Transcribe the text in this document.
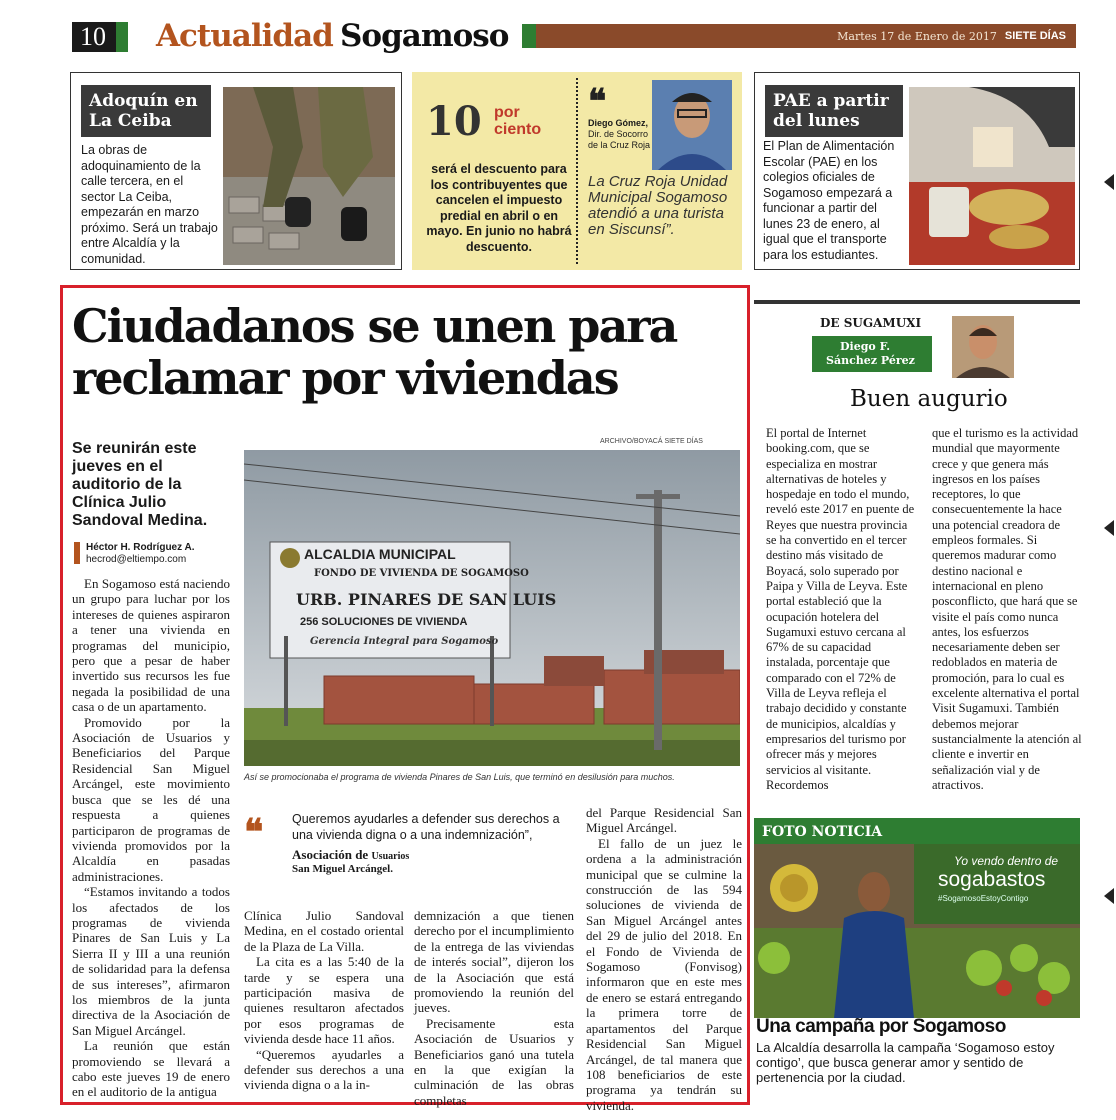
10	Actualidad Sogamoso	Martes 17 de Enero de 2017 SIETE DÍAS
Adoquín en La Ceiba
La obras de adoquinamiento de la calle tercera, en el sector La Ceiba, empezarán en marzo próximo. Será un trabajo entre Alcaldía y la comunidad.
10 por ciento
será el descuento para los contribuyentes que cancelen el impuesto predial en abril o en mayo. En junio no habrá descuento.
❝
Diego Gómez, Dir. de Socorro de la Cruz Roja
La Cruz Roja Unidad Municipal Sogamoso atendió a una turista en Siscunsí”.
PAE a partir del lunes
El Plan de Alimentación Escolar (PAE) en los colegios oficiales de Sogamoso empezará a funcionar a partir del lunes 23 de enero, al igual que el transporte para los estudiantes.
Ciudadanos se unen para reclamar por viviendas
Se reunirán este jueves en el auditorio de la Clínica Julio Sandoval Medina.
Héctor H. Rodríguez A.
hecrod@eltiempo.com

En Sogamoso está naciendo un grupo para luchar por los intereses de quienes aspiraron a tener una vivienda en programas del municipio, pero que a pesar de haber invertido sus recursos les fue negada la posibilidad de una casa o de un apartamento.

Promovido por la Asociación de Usuarios y Beneficiarios del Parque Residencial San Miguel Arcángel, este movimiento busca que se les dé una respuesta a quienes participaron de programas de vivienda promovidos por la Alcaldía en pasadas administraciones.

“Estamos invitando a todos los afectados de los programas de vivienda Pinares de San Luis y La Sierra II y III a una reunión de solidaridad para la defensa de sus intereses”, afirmaron los miembros de la junta directiva de la Asociación de San Miguel Arcángel.

La reunión que están promoviendo se llevará a cabo este jueves 19 de enero en el auditorio de la antigua

ARCHIVO/BOYACÁ SIETE DÍAS
ALCALDIA MUNICIPAL
FONDO DE VIVIENDA DE SOGAMOSO
URB. PINARES DE SAN LUIS
256 SOLUCIONES DE VIVIENDA
Gerencia Integral para Sogamoso
Así se promocionaba el programa de vivienda Pinares de San Luis, que terminó en desilusión para muchos.
❝ Queremos ayudarles a defender sus derechos a una vivienda digna o a una indemnización”,
Asociación de Usuarios
San Miguel Arcángel.

Clínica Julio Sandoval Medina, en el costado oriental de la Plaza de La Villa.

La cita es a las 5:40 de la tarde y se espera una participación masiva de quienes resultaron afectados por esos programas de vivienda desde hace 11 años.

“Queremos ayudarles a defender sus derechos a una vivienda digna o a la in-

demnización a que tienen derecho por el incumplimiento de la entrega de las viviendas de interés social”, dijeron los de la Asociación que está promoviendo la reunión del jueves.

Precisamente esta Asociación de Usuarios y Beneficiarios ganó una tutela en la que exigían la culminación de las obras completas

del Parque Residencial San Miguel Arcángel.

El fallo de un juez le ordena a la administración municipal que se culmine la construcción de las 594 soluciones de vivienda de San Miguel Arcángel antes del 29 de julio del 2018. En el Fondo de Vivienda de Sogamoso (Fonvisog) informaron que en este mes de enero se estará entregando la primera torre de apartamentos del Parque Residencial San Miguel Arcángel, de tal manera que 108 beneficiarios de este programa ya tendrán su vivienda.

DE SUGAMUXI
Diego F.
Sánchez Pérez
Buen augurio
El portal de Internet booking.com, que se especializa en mostrar alternativas de hoteles y hospedaje en todo el mundo, reveló este 2017 en puente de Reyes que nuestra provincia se ha convertido en el tercer destino más visitado de Boyacá, solo superado por Paipa y Villa de Leyva. Este portal estableció que la ocupación hotelera del Sugamuxi estuvo cercana al 67% de su capacidad instalada, porcentaje que comparado con el 72% de Villa de Leyva refleja el trabajo decidido y constante de municipios, alcaldías y empresarios del turismo por ofrecer más y mejores servicios al visitante. Recordemos
que el turismo es la actividad mundial que mayormente crece y que genera más ingresos en los países receptores, lo que consecuentemente la hace una potencial creadora de empleos formales. Si queremos madurar como destino nacional e internacional en pleno posconflicto, que hará que se visite el país como nunca antes, los esfuerzos necesariamente deben ser redoblados en materia de promoción, para lo cual es excelente alternativa el portal Visit Sugamuxi. También debemos mejorar sustancialmente la atención al cliente e invertir en señalización vial y de atractivos.
FOTO NOTICIA
Yo vendo dentro de
sogabastos
#SogamosoEstoyContigo
Una campaña por Sogamoso
La Alcaldía desarrolla la campaña ‘Sogamoso estoy contigo’, que busca generar amor y sentido de pertenencia por la ciudad.
